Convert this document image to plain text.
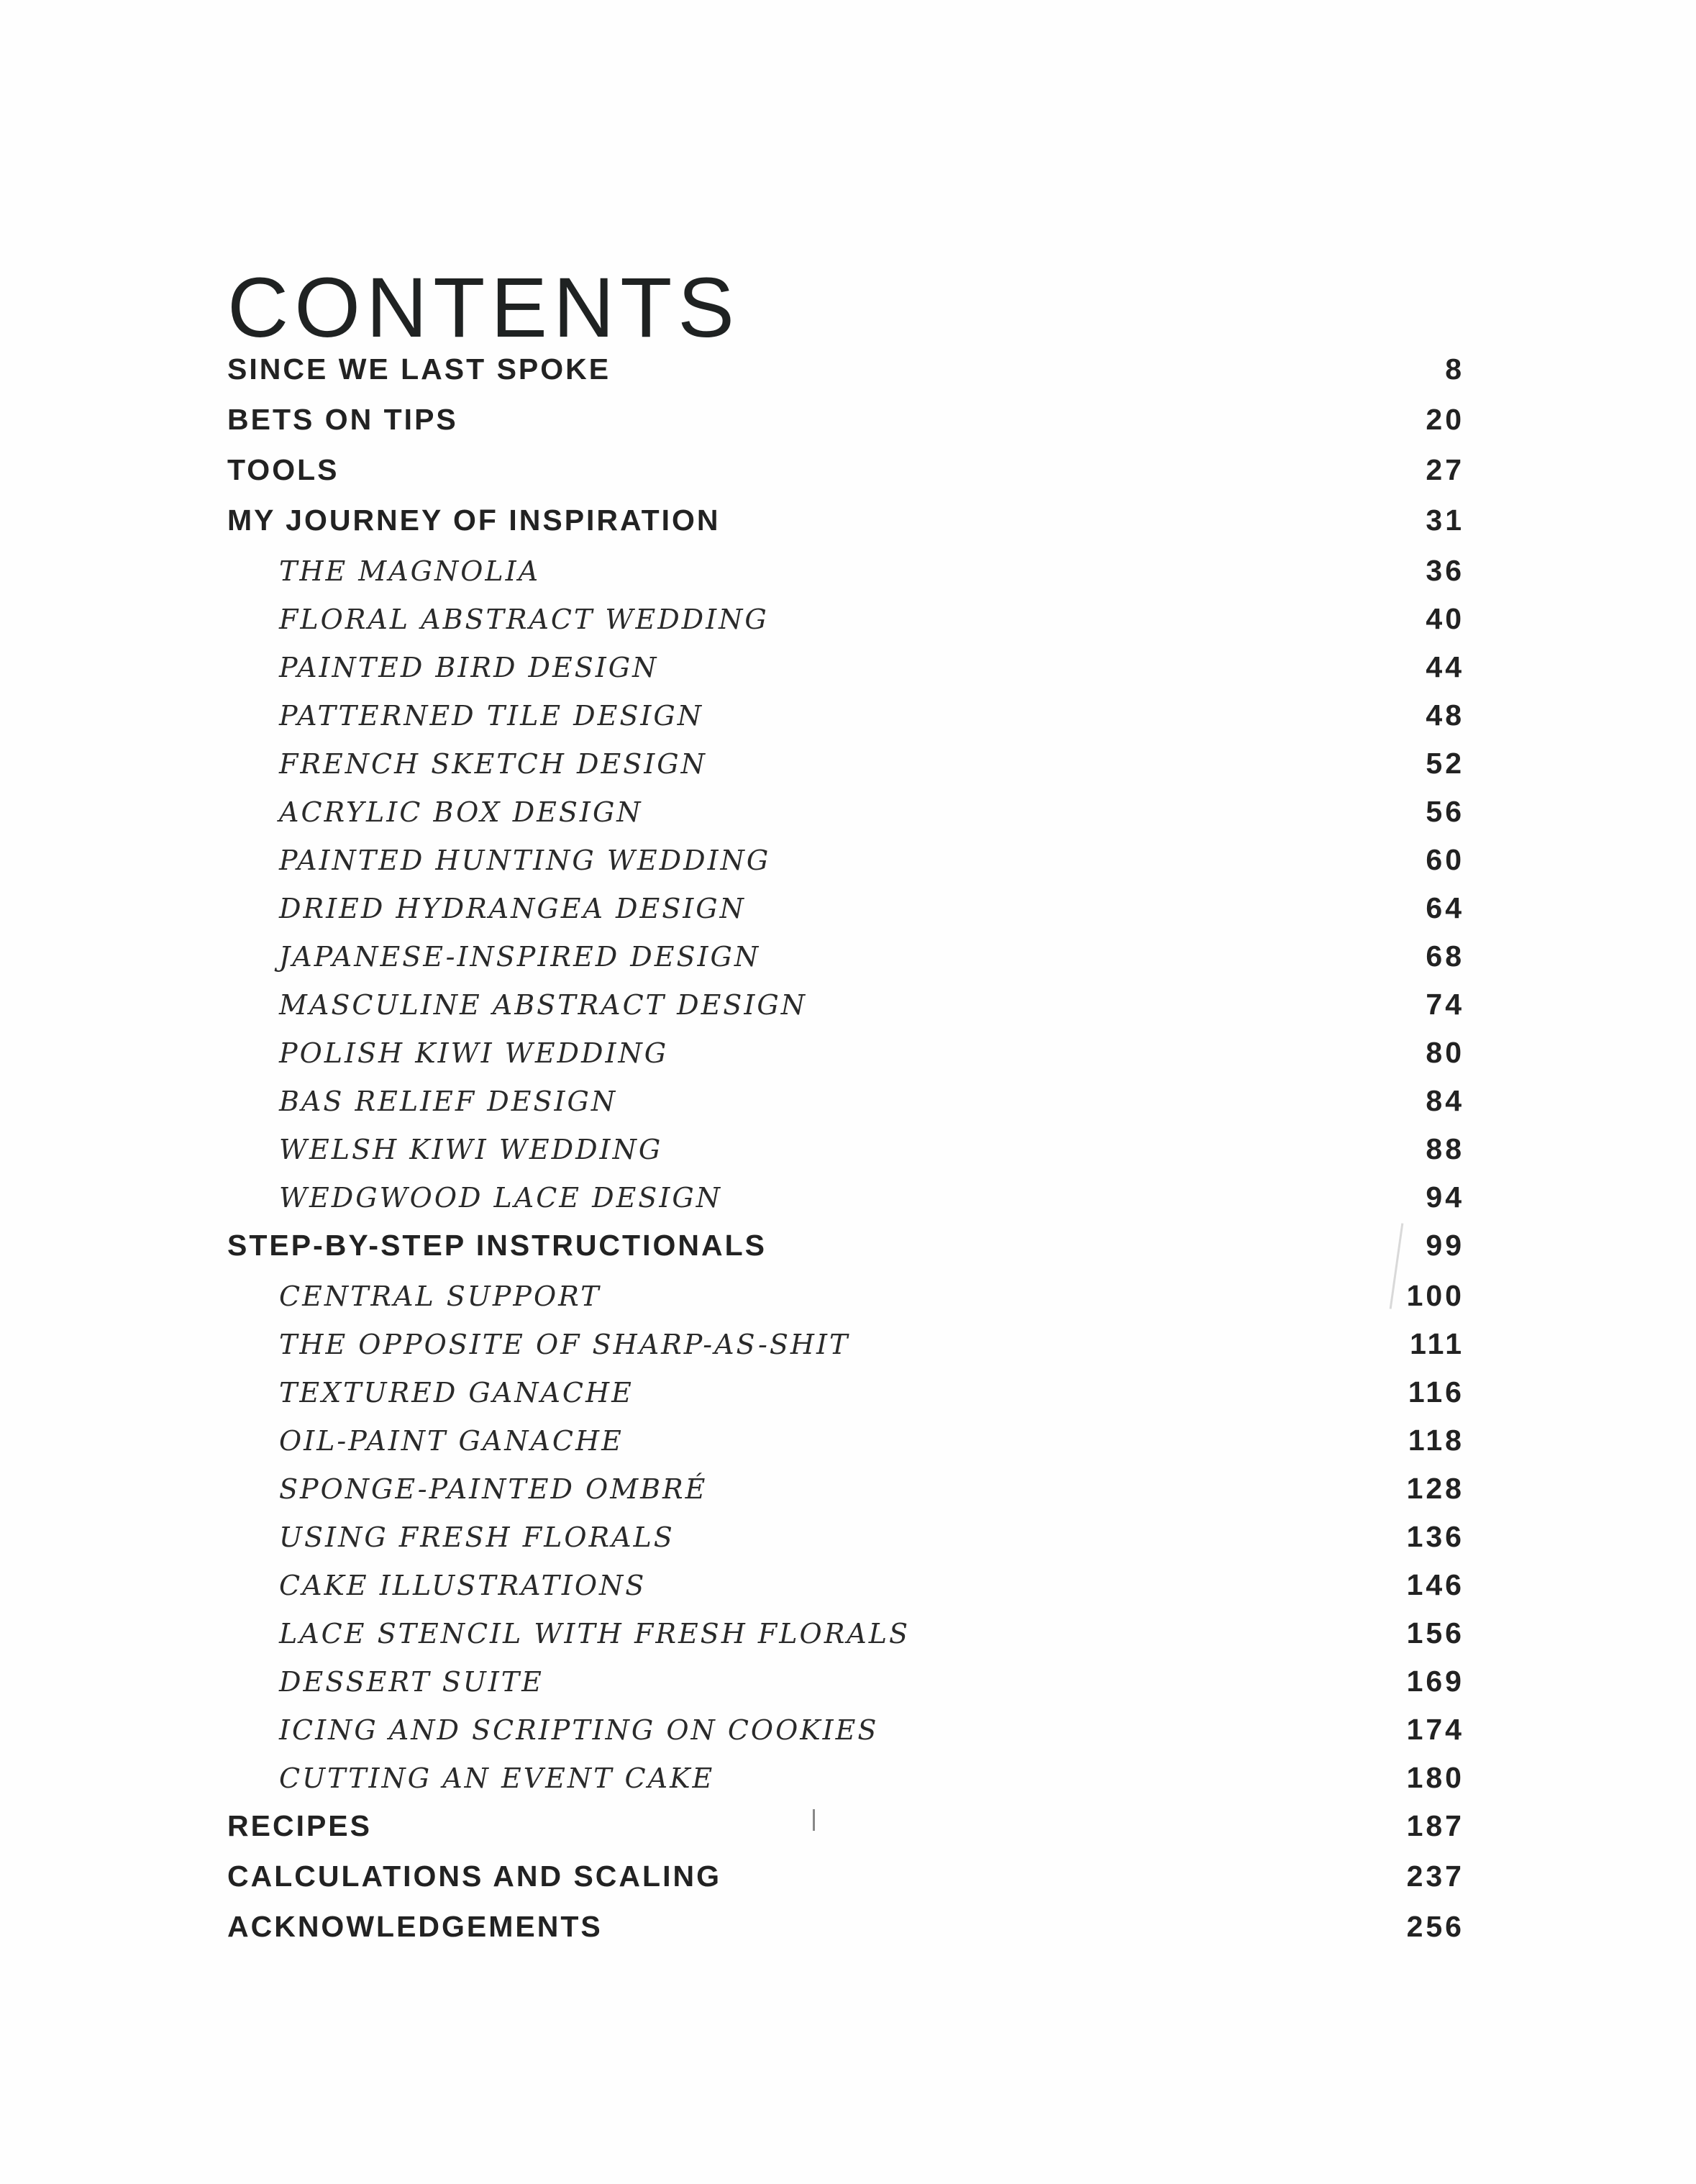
CONTENTS
SINCE WE LAST SPOKE	8
BETS ON TIPS	20
TOOLS	27
MY JOURNEY OF INSPIRATION	31
THE MAGNOLIA	36
FLORAL ABSTRACT WEDDING	40
PAINTED BIRD DESIGN	44
PATTERNED TILE DESIGN	48
FRENCH SKETCH DESIGN	52
ACRYLIC BOX DESIGN	56
PAINTED HUNTING WEDDING	60
DRIED HYDRANGEA DESIGN	64
JAPANESE-INSPIRED DESIGN	68
MASCULINE ABSTRACT DESIGN	74
POLISH KIWI WEDDING	80
BAS RELIEF DESIGN	84
WELSH KIWI WEDDING	88
WEDGWOOD LACE DESIGN	94
STEP-BY-STEP INSTRUCTIONALS	99
CENTRAL SUPPORT	100
THE OPPOSITE OF SHARP-AS-SHIT	111
TEXTURED GANACHE	116
OIL-PAINT GANACHE	118
SPONGE-PAINTED OMBRÉ	128
USING FRESH FLORALS	136
CAKE ILLUSTRATIONS	146
LACE STENCIL WITH FRESH FLORALS	156
DESSERT SUITE	169
ICING AND SCRIPTING ON COOKIES	174
CUTTING AN EVENT CAKE	180
RECIPES	187
CALCULATIONS AND SCALING	237
ACKNOWLEDGEMENTS	256
